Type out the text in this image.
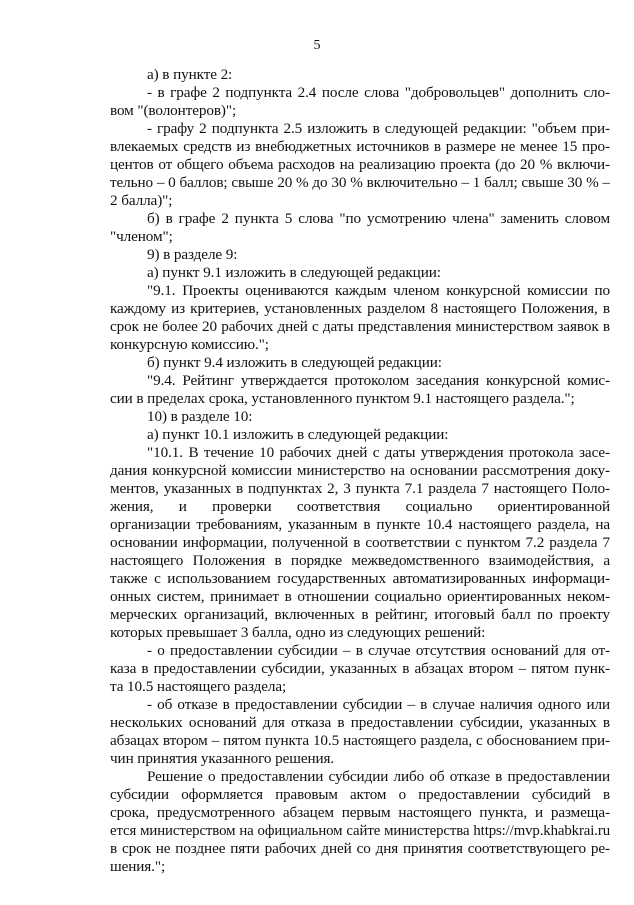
5
а) в пункте 2:
- в графе 2 подпункта 2.4 после слова "добровольцев" дополнить сло-
вом "(волонтеров)";
- графу 2 подпункта 2.5 изложить в следующей редакции: "объем при-
влекаемых средств из внебюджетных источников в размере не менее 15 про-
центов от общего объема расходов на реализацию проекта (до 20 % включи-
тельно – 0 баллов; свыше 20 % до 30 % включительно – 1 балл; свыше 30 % –
2 балла)";
б) в графе 2 пункта 5 слова "по усмотрению члена" заменить словом
"членом";
9) в разделе 9:
а) пункт 9.1 изложить в следующей редакции:
"9.1. Проекты оцениваются каждым членом конкурсной комиссии по
каждому из критериев, установленных разделом 8 настоящего Положения, в
срок не более 20 рабочих дней с даты представления министерством заявок в
конкурсную комиссию.";
б) пункт 9.4 изложить в следующей редакции:
"9.4. Рейтинг утверждается протоколом заседания конкурсной комис-
сии в пределах срока, установленного пунктом 9.1 настоящего раздела.";
10) в разделе 10:
а) пункт 10.1 изложить в следующей редакции:
"10.1. В течение 10 рабочих дней с даты утверждения протокола засе-
дания конкурсной комиссии министерство на основании рассмотрения доку-
ментов, указанных в подпунктах 2, 3 пункта 7.1 раздела 7 настоящего Поло-
жения, и проверки соответствия социально ориентированной
организации требованиям, указанным в пункте 10.4 настоящего раздела, на
основании информации, полученной в соответствии с пунктом 7.2 раздела 7
настоящего Положения в порядке межведомственного взаимодействия, а
также с использованием государственных автоматизированных информаци-
онных систем, принимает в отношении социально ориентированных неком-
мерческих организаций, включенных в рейтинг, итоговый балл по проекту
которых превышает 3 балла, одно из следующих решений:
- о предоставлении субсидии – в случае отсутствия оснований для от-
каза в предоставлении субсидии, указанных в абзацах втором – пятом пунк-
та 10.5 настоящего раздела;
- об отказе в предоставлении субсидии – в случае наличия одного или
нескольких оснований для отказа в предоставлении субсидии, указанных в
абзацах втором – пятом пункта 10.5 настоящего раздела, с обоснованием при-
чин принятия указанного решения.
Решение о предоставлении субсидии либо об отказе в предоставлении
субсидии оформляется правовым актом о предоставлении субсидий в
срока, предусмотренного абзацем первым настоящего пункта, и размеща-
ется министерством на официальном сайте министерства https://mvp.khabkrai.ru
в срок не позднее пяти рабочих дней со дня принятия соответствующего ре-
шения.";
